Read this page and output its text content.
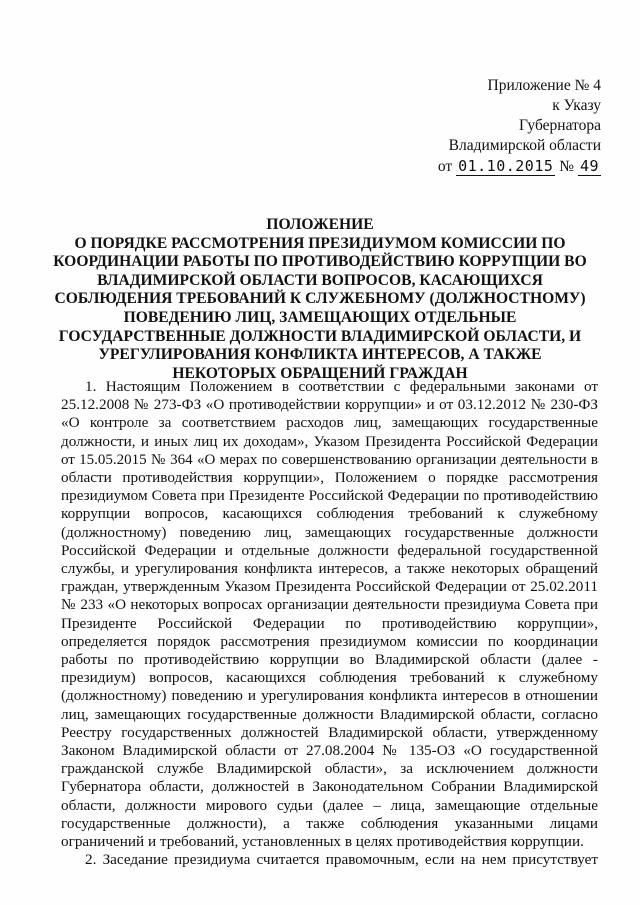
Приложение № 4
к Указу
Губернатора
Владимирской области
от 01.10.2015 № 49
ПОЛОЖЕНИЕ
О ПОРЯДКЕ РАССМОТРЕНИЯ ПРЕЗИДИУМОМ КОМИССИИ ПО
КООРДИНАЦИИ РАБОТЫ ПО ПРОТИВОДЕЙСТВИЮ КОРРУПЦИИ ВО
ВЛАДИМИРСКОЙ ОБЛАСТИ ВОПРОСОВ, КАСАЮЩИХСЯ
СОБЛЮДЕНИЯ ТРЕБОВАНИЙ К СЛУЖЕБНОМУ (ДОЛЖНОСТНОМУ)
ПОВЕДЕНИЮ ЛИЦ, ЗАМЕЩАЮЩИХ ОТДЕЛЬНЫЕ
ГОСУДАРСТВЕННЫЕ ДОЛЖНОСТИ ВЛАДИМИРСКОЙ ОБЛАСТИ, И
УРЕГУЛИРОВАНИЯ КОНФЛИКТА ИНТЕРЕСОВ, А ТАКЖЕ
НЕКОТОРЫХ ОБРАЩЕНИЙ ГРАЖДАН
1. Настоящим Положением в соответствии с федеральными законами от
25.12.2008 № 273-ФЗ «О противодействии коррупции» и от 03.12.2012 № 230-ФЗ
«О контроле за соответствием расходов лиц, замещающих государственные
должности, и иных лиц их доходам», Указом Президента Российской Федерации
от 15.05.2015 № 364 «О мерах по совершенствованию организации деятельности в
области противодействия коррупции», Положением о порядке рассмотрения
президиумом Совета при Президенте Российской Федерации по противодействию
коррупции вопросов, касающихся соблюдения требований к служебному
(должностному) поведению лиц, замещающих государственные должности
Российской Федерации и отдельные должности федеральной государственной
службы, и урегулирования конфликта интересов, а также некоторых обращений
граждан, утвержденным Указом Президента Российской Федерации от 25.02.2011
№ 233 «О некоторых вопросах организации деятельности президиума Совета при
Президенте Российской Федерации по противодействию коррупции»,
определяется порядок рассмотрения президиумом комиссии по координации
работы по противодействию коррупции во Владимирской области (далее -
президиум) вопросов, касающихся соблюдения требований к служебному
(должностному) поведению и урегулирования конфликта интересов в отношении
лиц, замещающих государственные должности Владимирской области, согласно
Реестру государственных должностей Владимирской области, утвержденному
Законом Владимирской области от 27.08.2004 № 135-ОЗ «О государственной
гражданской службе Владимирской области», за исключением должности
Губернатора области, должностей в Законодательном Собрании Владимирской
области, должности мирового судьи (далее – лица, замещающие отдельные
государственные должности), а также соблюдения указанными лицами
ограничений и требований, установленных в целях противодействия коррупции.
2. Заседание президиума считается правомочным, если на нем присутствует
